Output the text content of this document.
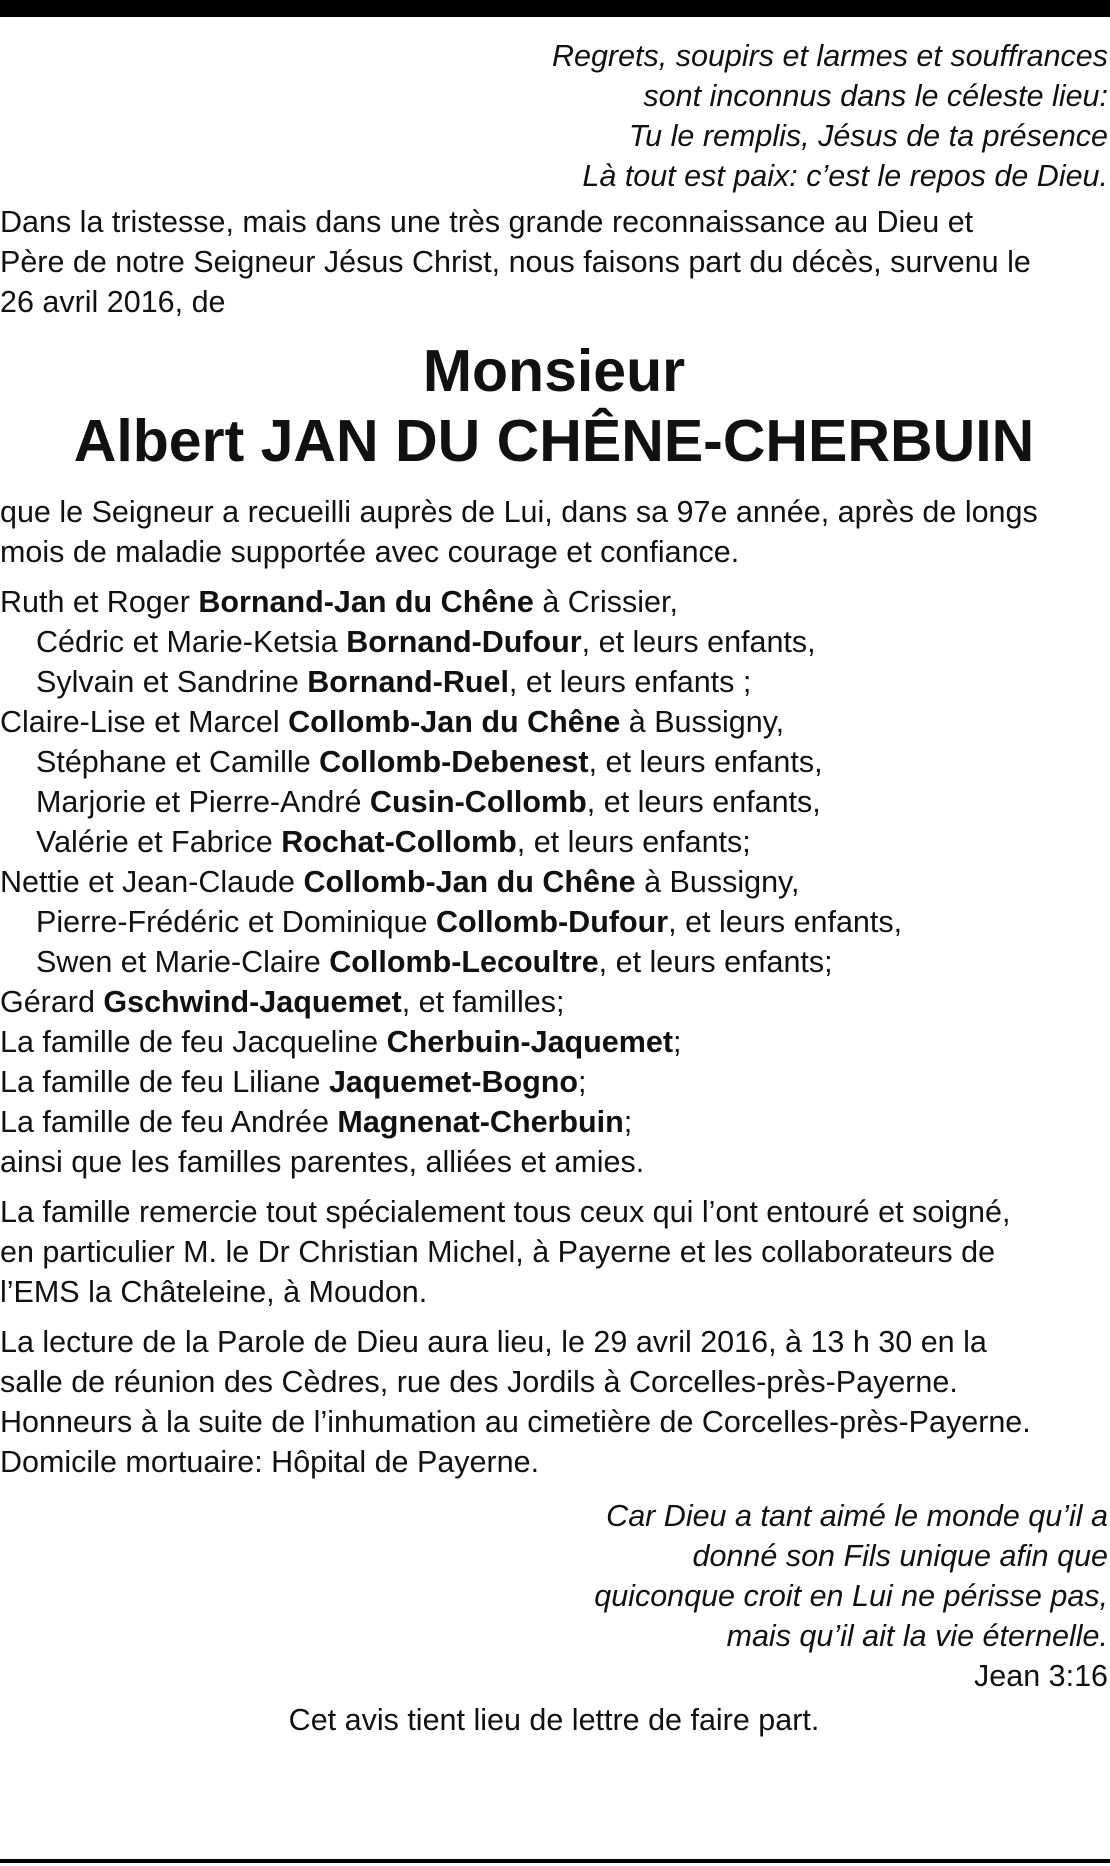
Regrets, soupirs et larmes et souffrances
sont inconnus dans le céleste lieu:
Tu le remplis, Jésus de ta présence
Là tout est paix: c’est le repos de Dieu.
Dans la tristesse, mais dans une très grande reconnaissance au Dieu et
Père de notre Seigneur Jésus Christ, nous faisons part du décès, survenu le
26 avril 2016, de
Monsieur
Albert JAN DU CHÊNE-CHERBUIN
que le Seigneur a recueilli auprès de Lui, dans sa 97e année, après de longs
mois de maladie supportée avec courage et confiance.
Ruth et Roger Bornand-Jan du Chêne à Crissier,
Cédric et Marie-Ketsia Bornand-Dufour, et leurs enfants,
Sylvain et Sandrine Bornand-Ruel, et leurs enfants ;
Claire-Lise et Marcel Collomb-Jan du Chêne à Bussigny,
Stéphane et Camille Collomb-Debenest, et leurs enfants,
Marjorie et Pierre-André Cusin-Collomb, et leurs enfants,
Valérie et Fabrice Rochat-Collomb, et leurs enfants;
Nettie et Jean-Claude Collomb-Jan du Chêne à Bussigny,
Pierre-Frédéric et Dominique Collomb-Dufour, et leurs enfants,
Swen et Marie-Claire Collomb-Lecoultre, et leurs enfants;
Gérard Gschwind-Jaquemet, et familles;
La famille de feu Jacqueline Cherbuin-Jaquemet;
La famille de feu Liliane Jaquemet-Bogno;
La famille de feu Andrée Magnenat-Cherbuin;
ainsi que les familles parentes, alliées et amies.
La famille remercie tout spécialement tous ceux qui l’ont entouré et soigné,
en particulier M. le Dr Christian Michel, à Payerne et les collaborateurs de
l’EMS la Châteleine, à Moudon.
La lecture de la Parole de Dieu aura lieu, le 29 avril 2016, à 13 h 30 en la
salle de réunion des Cèdres, rue des Jordils à Corcelles-près-Payerne.
Honneurs à la suite de l’inhumation au cimetière de Corcelles-près-Payerne.
Domicile mortuaire: Hôpital de Payerne.
Car Dieu a tant aimé le monde qu’il a
donné son Fils unique afin que
quiconque croit en Lui ne périsse pas,
mais qu’il ait la vie éternelle.
Jean 3:16
Cet avis tient lieu de lettre de faire part.
